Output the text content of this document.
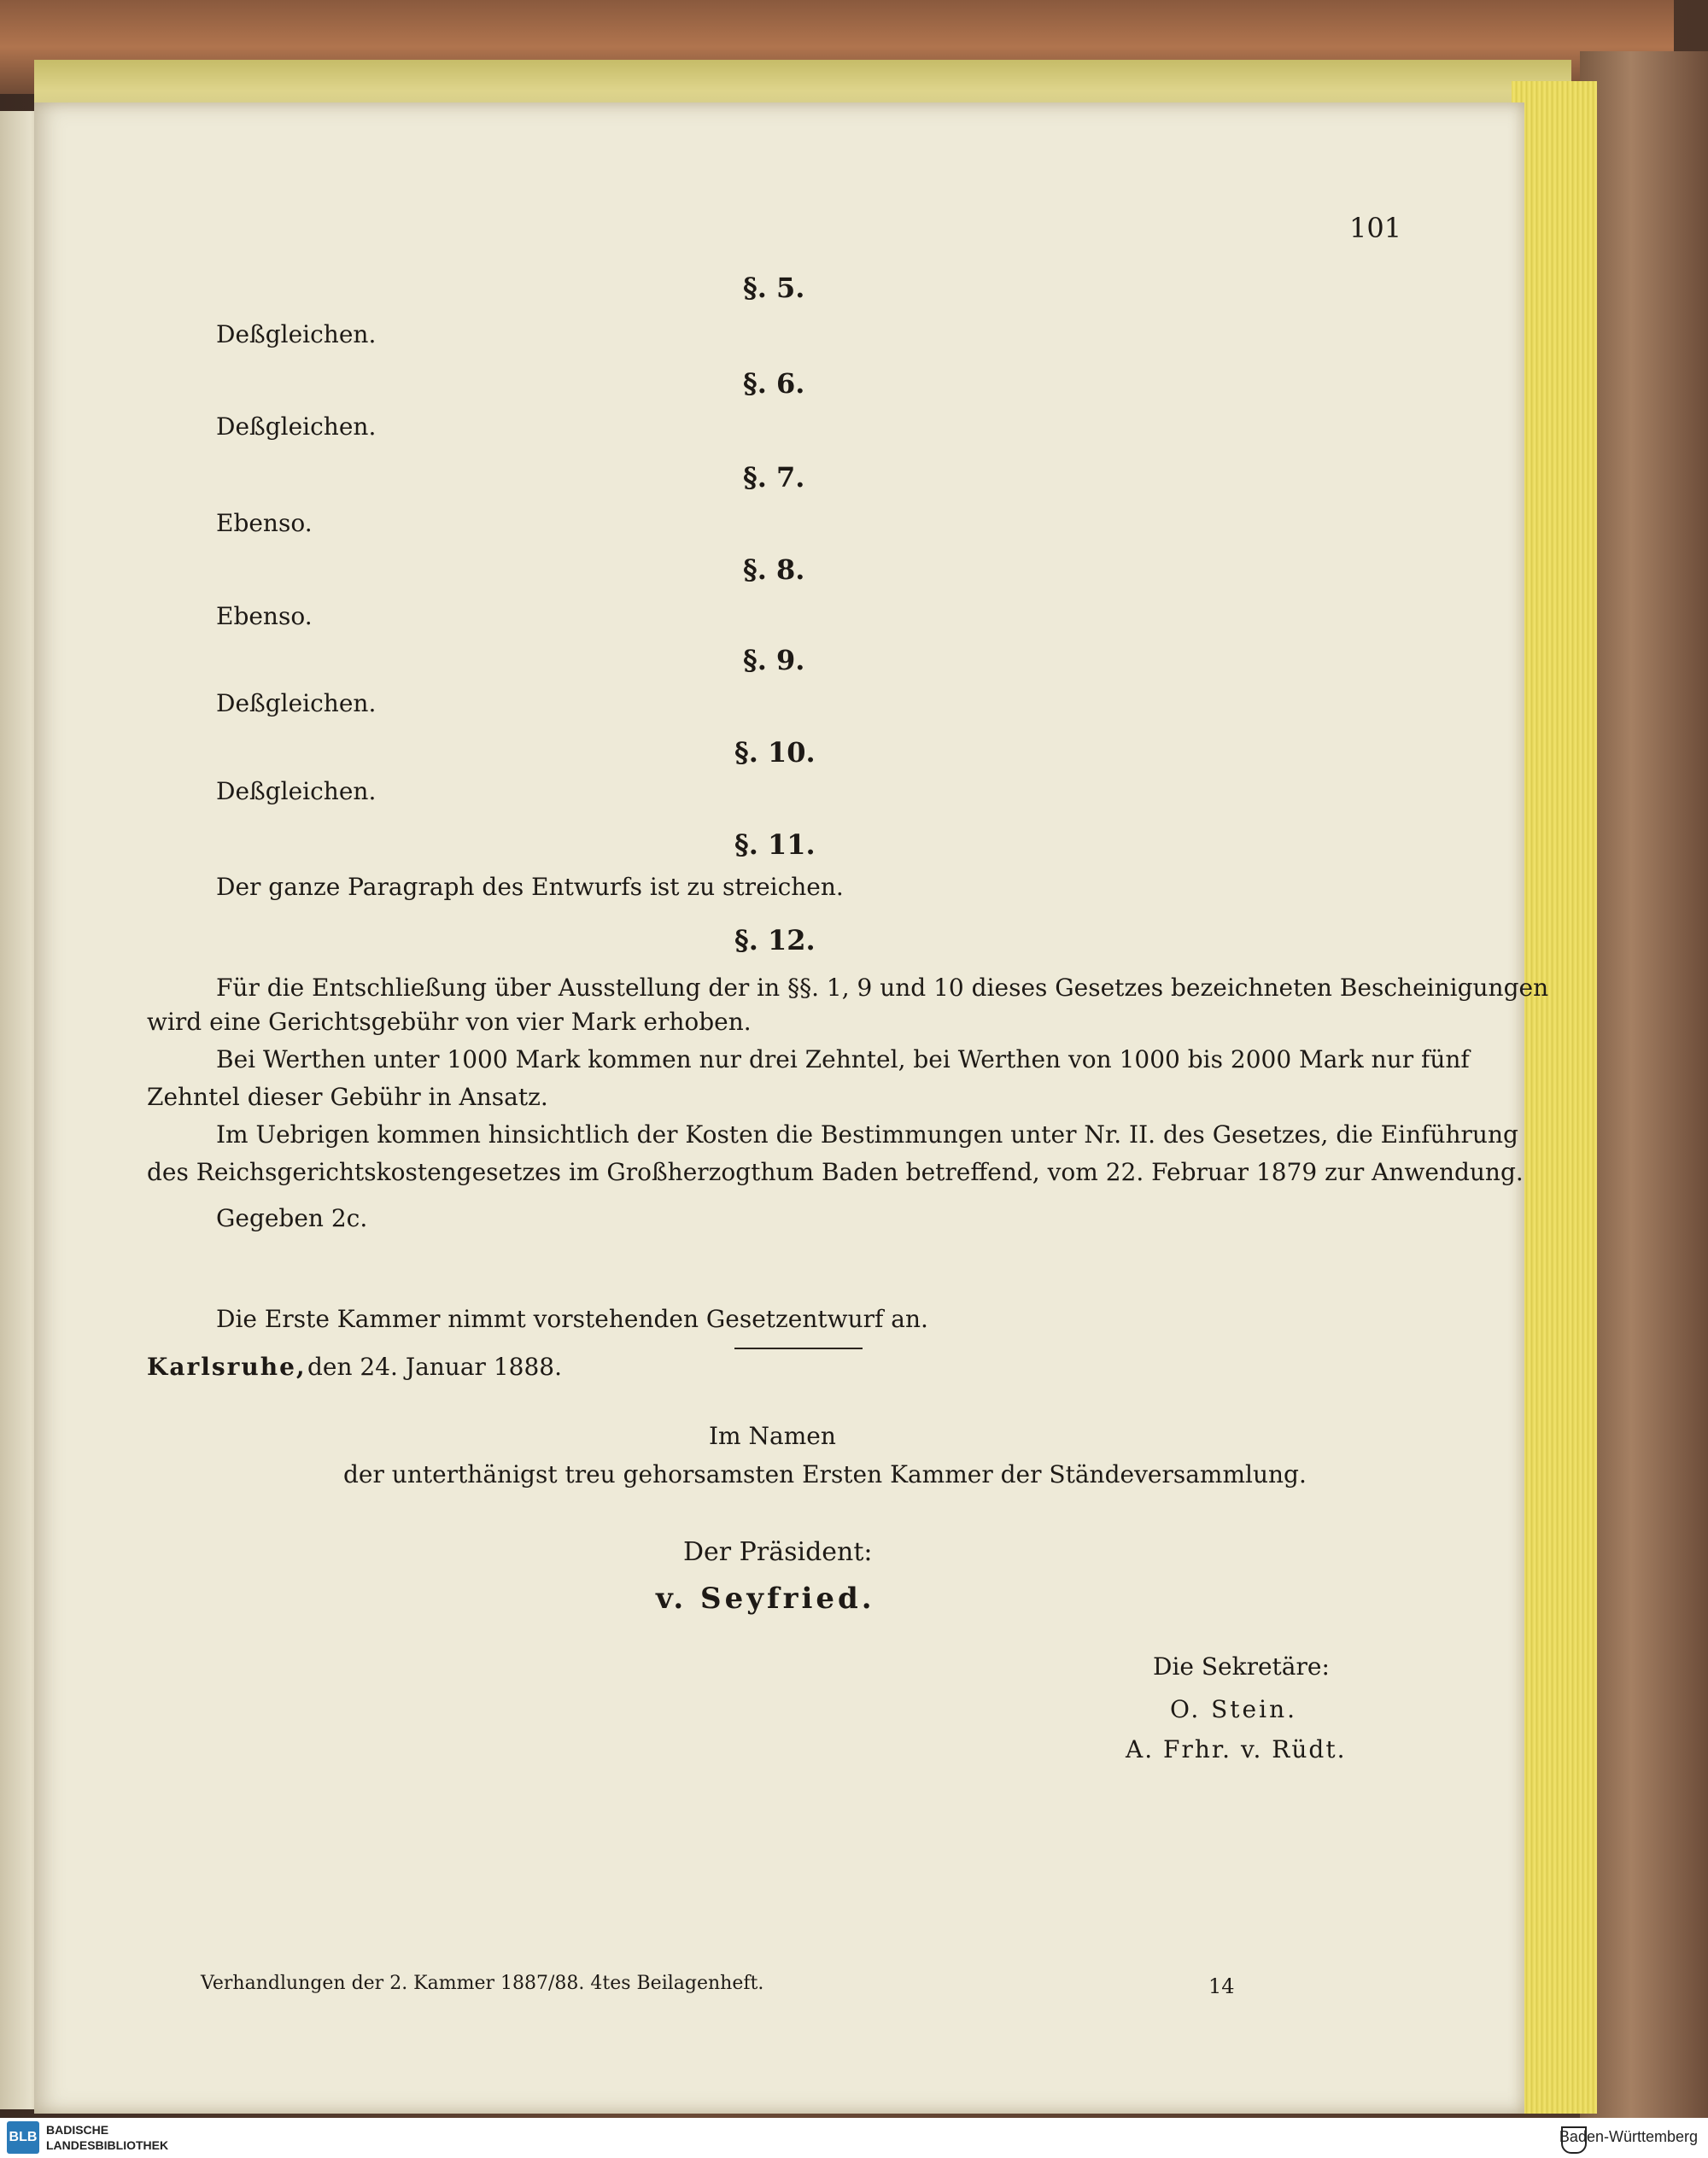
101
§. 5.
Deßgleichen.
§. 6.
Deßgleichen.
§. 7.
Ebenso.
§. 8.
Ebenso.
§. 9.
Deßgleichen.
§. 10.
Deßgleichen.
§. 11.
Der ganze Paragraph des Entwurfs ist zu streichen.
§. 12.
Für die Entschließung über Ausstellung der in §§. 1, 9 und 10 dieses Gesetzes bezeichneten Bescheinigungen
wird eine Gerichtsgebühr von vier Mark erhoben.
Bei Werthen unter 1000 Mark kommen nur drei Zehntel, bei Werthen von 1000 bis 2000 Mark nur fünf
Zehntel dieser Gebühr in Ansatz.
Im Uebrigen kommen hinsichtlich der Kosten die Bestimmungen unter Nr. II. des Gesetzes, die Einführung
des Reichsgerichtskostengesetzes im Großherzogthum Baden betreffend, vom 22. Februar 1879 zur Anwendung.
Gegeben 2c.
Die Erste Kammer nimmt vorstehenden Gesetzentwurf an.
Karlsruhe, den 24. Januar 1888.
Im Namen
der unterthänigst treu gehorsamsten Ersten Kammer der Ständeversammlung.
Der Präsident:
v. Seyfried.
Die Sekretäre:
O. Stein.
A. Frhr. v. Rüdt.
Verhandlungen der 2. Kammer 1887/88. 4tes Beilagenheft.	14
BLB BADISCHE
LANDESBIBLIOTHEK	Baden-Württemberg
